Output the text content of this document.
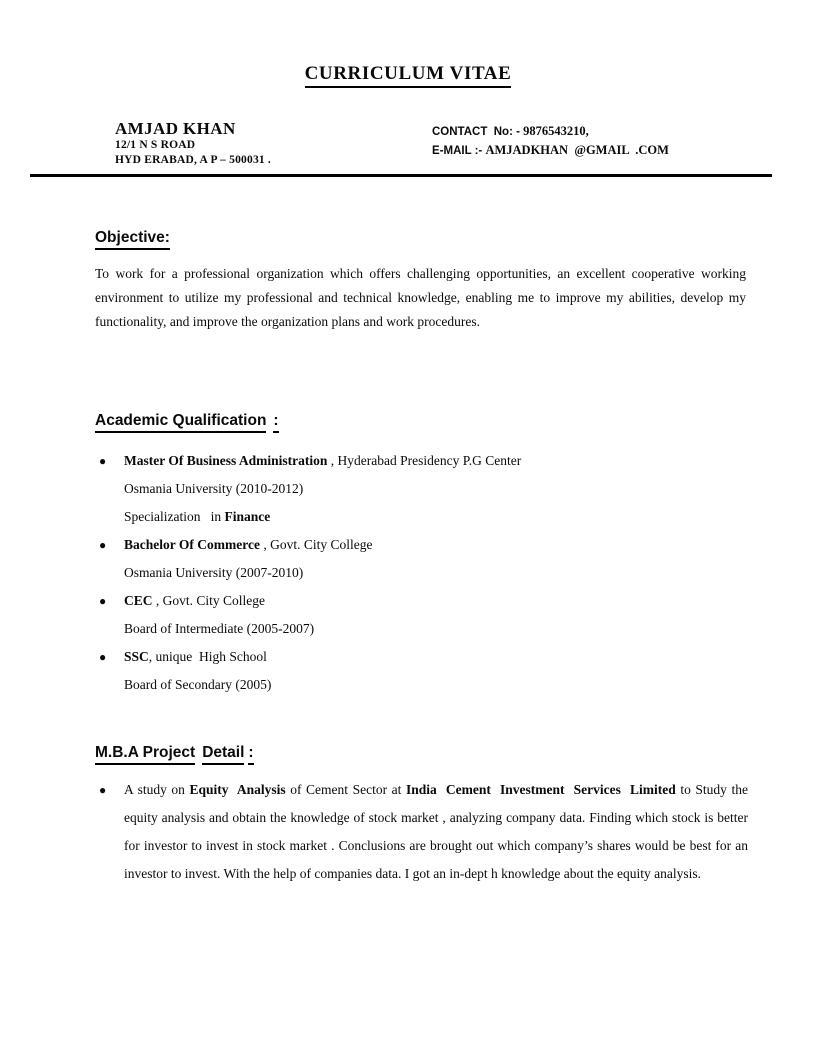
CURRICULUM VITAE
AMJAD KHAN
12/1 N S ROAD
HYD ERABAD, A P – 500031 .
CONTACT  No: - 9876543210,
E-MAIL :- AMJADKHAN  @GMAIL  .COM
Objective:
To work for a professional organization which offers challenging opportunities, an excellent cooperative working environment to utilize my professional and technical knowledge, enabling me to improve my abilities, develop my functionality, and improve the organization plans and work procedures.
Academic Qualification :
●	Master Of Business Administration , Hyderabad Presidency P.G Center
Osmania University (2010-2012)
Specialization   in Finance
●	Bachelor Of Commerce , Govt. City College
Osmania University (2007-2010)
●	CEC , Govt. City College
Board of Intermediate (2005-2007)
●	SSC, unique  High School
Board of Secondary (2005)
M.B.A Project Detail :
●	A study on Equity  Analysis of Cement Sector at India  Cement  Investment  Services  Limited to Study the equity analysis and obtain the knowledge of stock market , analyzing company data. Finding which stock is better for investor to invest in stock market . Conclusions are brought out which company’s shares would be best for an investor to invest. With the help of companies data. I got an in-dept h knowledge about the equity analysis.
